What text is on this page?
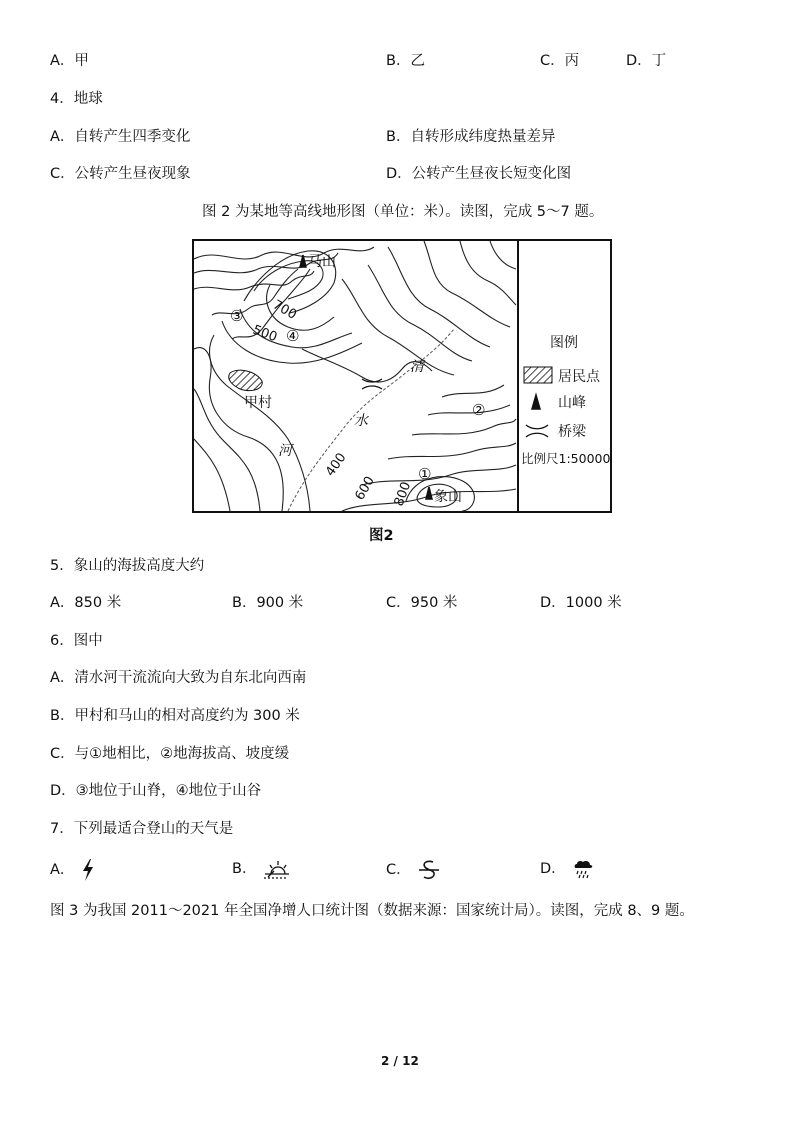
A．甲	B．乙	C．丙	D．丁
4．地球
A．自转产生四季变化	B．自转形成纬度热量差异
C．公转产生昼夜现象	D．公转产生昼夜长短变化图
图 2 为某地等高线地形图（单位：米）。读图，完成 5～7 题。
甲村
马山
象山
清
水
河
700
500
400
600 800
①
②
③
④	图例
居民点
山峰
桥梁
比例尺1:50000
图2
5．象山的海拔高度大约
A．850 米	B．900 米	C．950 米	D．1000 米
6．图中
A．清水河干流流向大致为自东北向西南
B．甲村和马山的相对高度约为 300 米
C．与①地相比，②地海拔高、坡度缓
D．③地位于山脊，④地位于山谷
7．下列最适合登山的天气是
A．	B．	C．	D．
图 3 为我国 2011～2021 年全国净增人口统计图（数据来源：国家统计局）。读图，完成 8、9 题。
2 / 12
